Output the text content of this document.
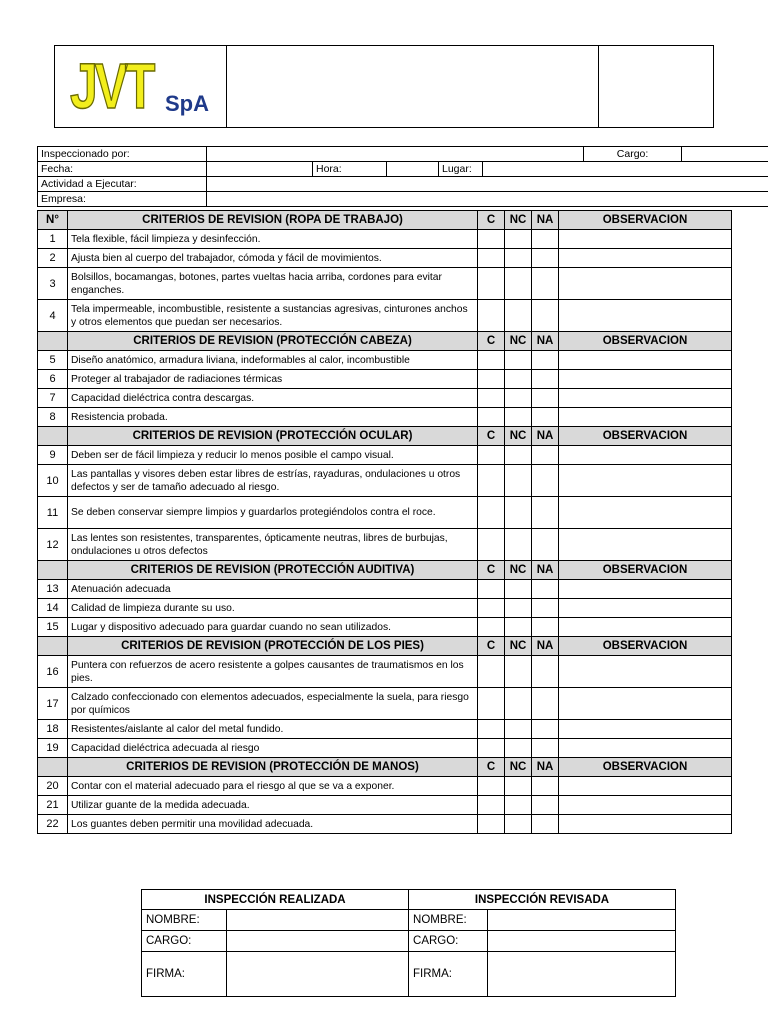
JVT SpA
Inspeccionado por:						Cargo:	
Fecha:		Hora:		Lugar:			
Actividad a Ejecutar:							
Empresa:							
N°	CRITERIOS DE REVISION (ROPA DE TRABAJO)	C	NC	NA	OBSERVACION
1	Tela flexible, fácil limpieza y desinfección.				
2	Ajusta bien al cuerpo del trabajador, cómoda y fácil de movimientos.				
3	Bolsillos, bocamangas, botones, partes vueltas hacia arriba, cordones para evitar enganches.				
4	Tela impermeable, incombustible, resistente a sustancias agresivas, cinturones anchos y otros elementos que puedan ser necesarios.				
	CRITERIOS DE REVISION (PROTECCIÓN CABEZA)	C	NC	NA	OBSERVACION
5	Diseño anatómico, armadura liviana, indeformables al calor, incombustible				
6	Proteger al trabajador de radiaciones térmicas				
7	Capacidad dieléctrica contra descargas.				
8	Resistencia probada.				
	CRITERIOS DE REVISION (PROTECCIÓN OCULAR)	C	NC	NA	OBSERVACION
9	Deben ser de fácil limpieza y reducir lo menos posible el campo visual.				
10	Las pantallas y visores deben estar libres de estrías, rayaduras, ondulaciones u otros defectos y ser de tamaño adecuado al riesgo.				
11	Se deben conservar siempre limpios y guardarlos protegiéndolos contra el roce.				
12	Las lentes son resistentes, transparentes, ópticamente neutras, libres de burbujas, ondulaciones u otros defectos				
	CRITERIOS DE REVISION (PROTECCIÓN AUDITIVA)	C	NC	NA	OBSERVACION
13	Atenuación adecuada				
14	Calidad de limpieza durante su uso.				
15	Lugar y dispositivo adecuado para guardar cuando no sean utilizados.				
	CRITERIOS DE REVISION (PROTECCIÓN DE LOS PIES)	C	NC	NA	OBSERVACION
16	Puntera con refuerzos de acero resistente a golpes causantes de traumatismos en los pies.				
17	Calzado confeccionado con elementos adecuados, especialmente la suela, para riesgo por químicos				
18	Resistentes/aislante al calor del metal fundido.				
19	Capacidad dieléctrica adecuada al riesgo				
	CRITERIOS DE REVISION (PROTECCIÓN DE MANOS)	C	NC	NA	OBSERVACION
20	Contar con el material adecuado para el riesgo al que se va a exponer.				
21	Utilizar guante de la medida adecuada.				
22	Los guantes deben permitir una movilidad adecuada.				
INSPECCIÓN REALIZADA		INSPECCIÓN REVISADA	
NOMBRE:		NOMBRE:	
CARGO:		CARGO:	
FIRMA:		FIRMA:	
